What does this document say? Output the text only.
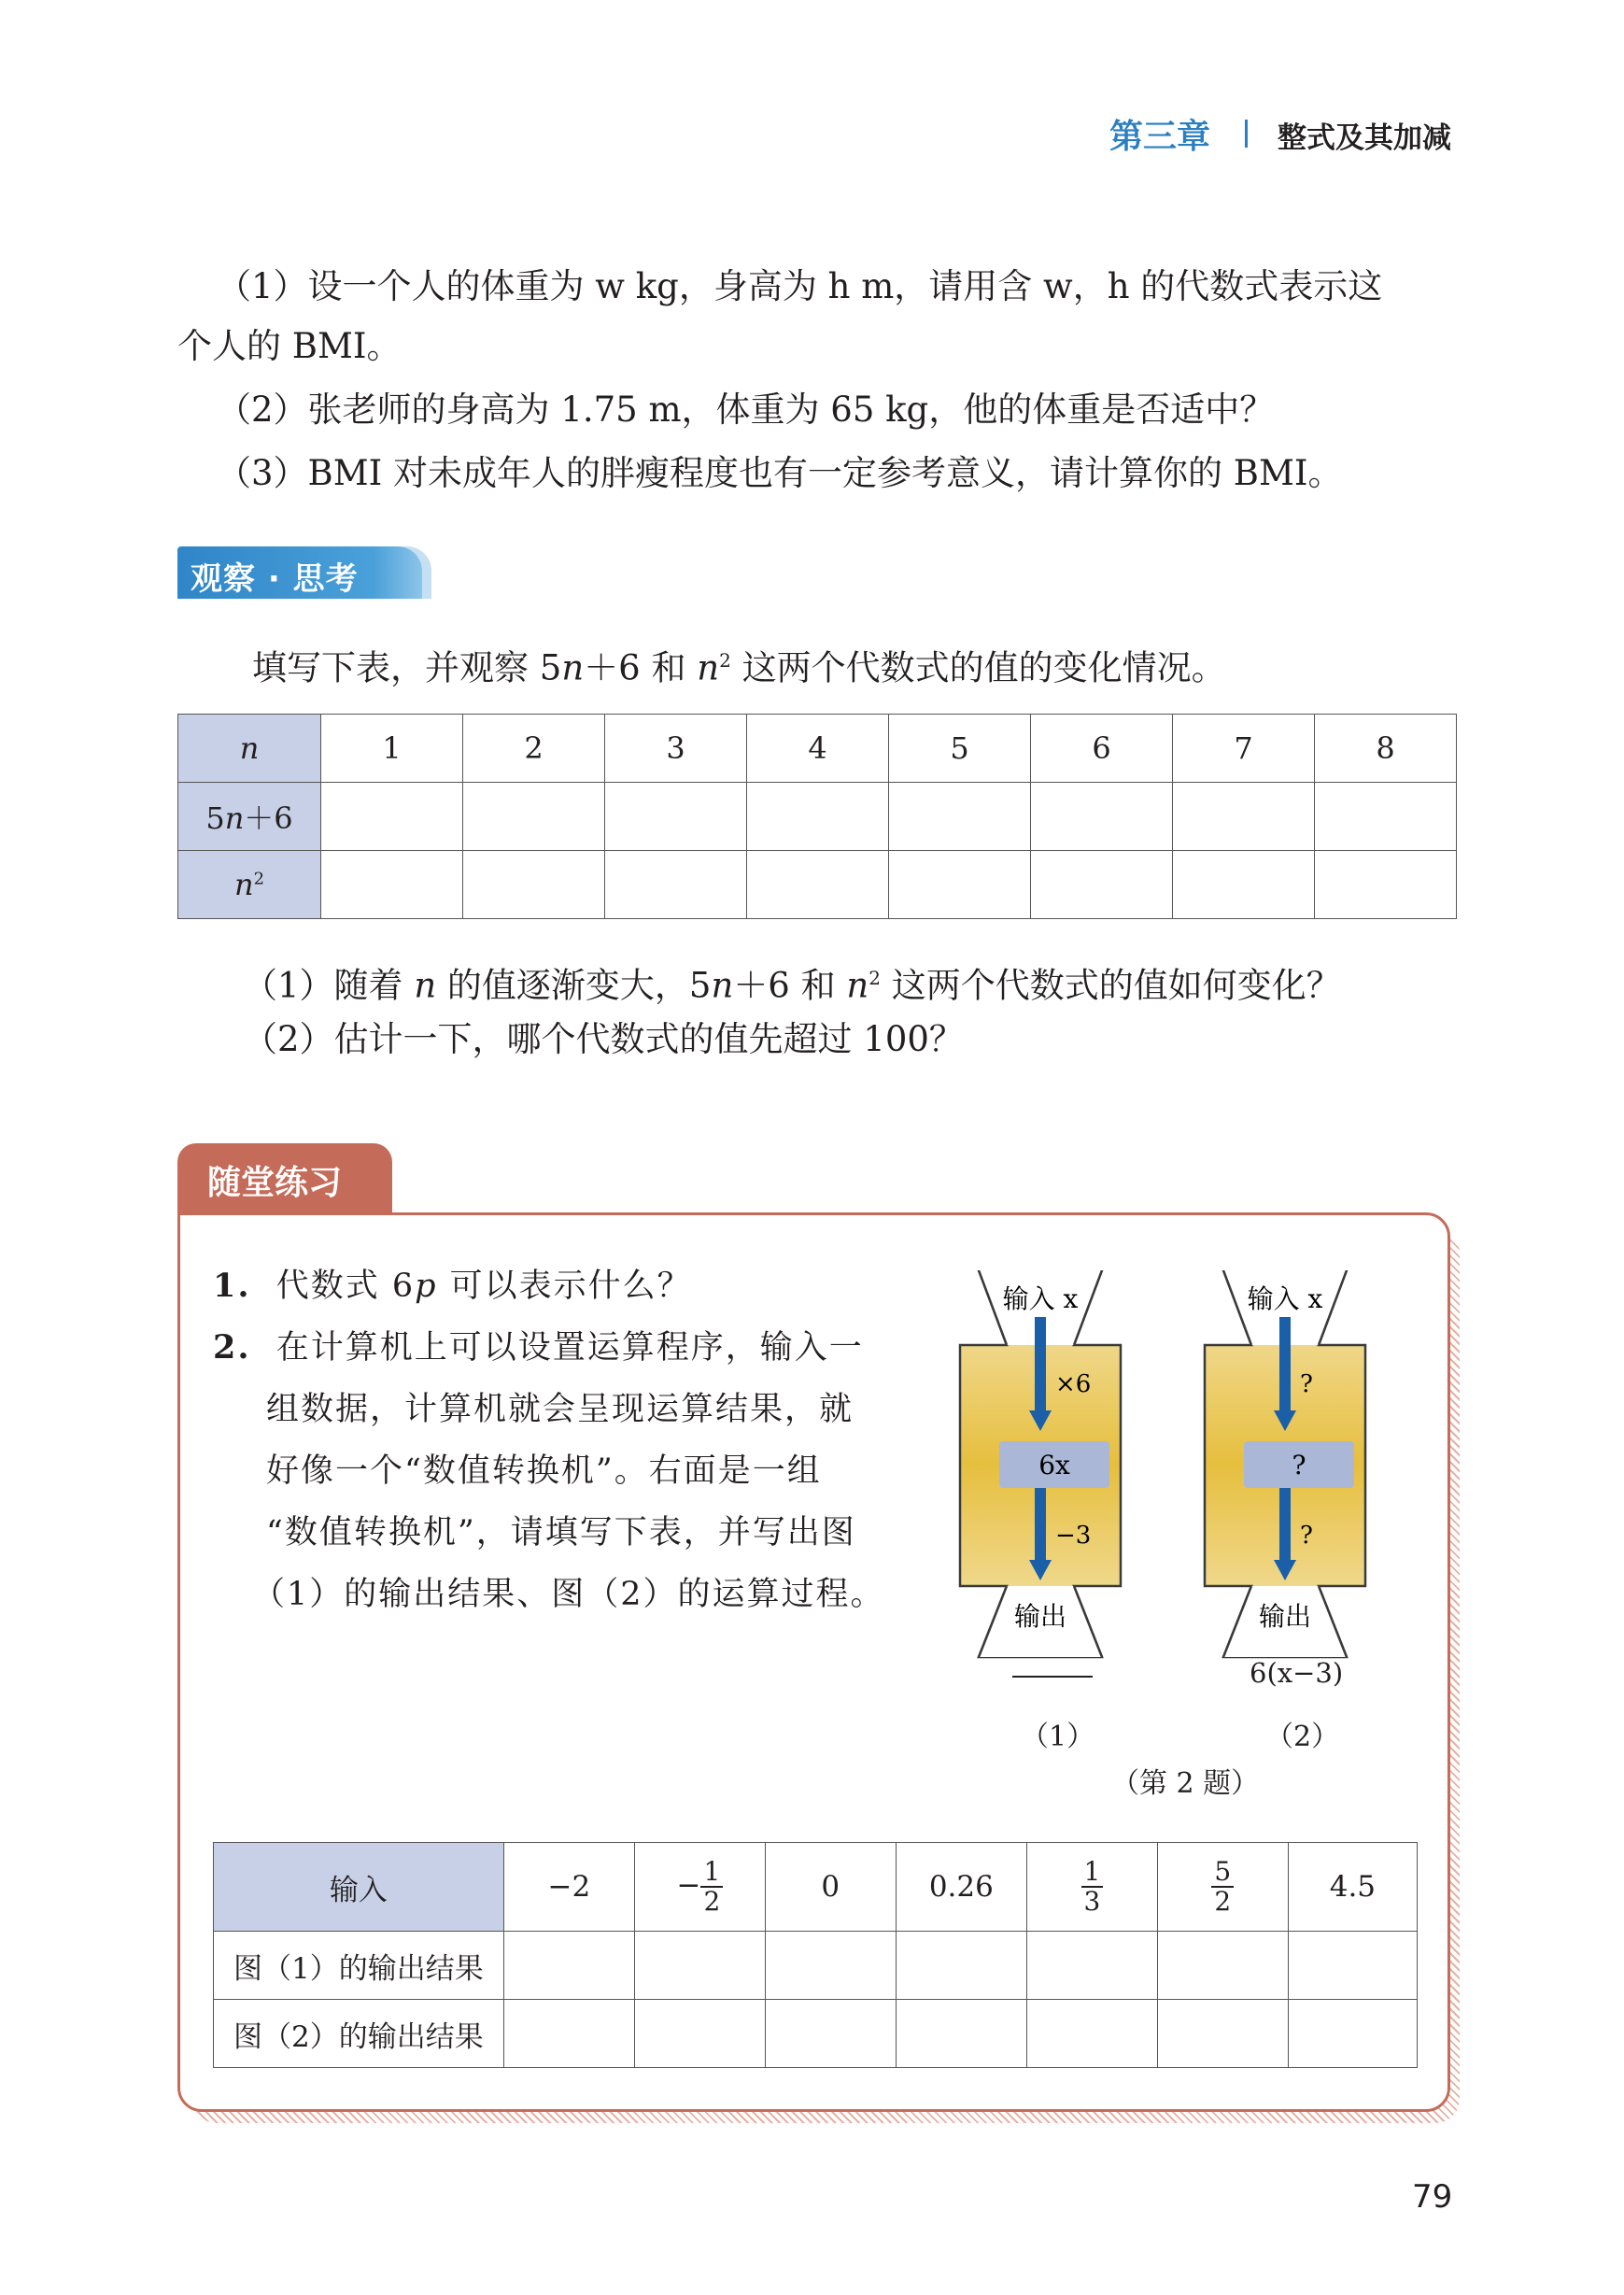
第三章 整式及其加减
（1）设一个人的体重为 w kg，身高为 h m，请用含 w，h 的代数式表示这
个人的 BMI。
（2）张老师的身高为 1.75 m，体重为 65 kg，他的体重是否适中？
（3）BMI 对未成年人的胖瘦程度也有一定参考意义，请计算你的 BMI。
观察 · 思考
填写下表，并观察 5n＋6 和 $n^2$ 这两个代数式的值的变化情况。
n	1	2	3	4	5	6	7	8
5n＋6								
$n^2$								
（1）随着 n 的值逐渐变大，5n＋6 和 $n^2$ 这两个代数式的值如何变化？
（2）估计一下，哪个代数式的值先超过 100？
随堂练习
1. 代数式 6p 可以表示什么？
2. 在计算机上可以设置运算程序，输入一
组数据，计算机就会呈现运算结果，就
好像一个“数值转换机”。右面是一组
“数值转换机”，请填写下表，并写出图
（1）的输出结果、图（2）的运算过程。
输入 x
×6
6x
−3
输出
输入 x
?
?
?
输出
6(x−3)
（1）	（2）
（第 2 题）
输入	−2	− $\frac{1}{2}$	0	0.26	$\frac{1}{3}$	$\frac{5}{2}$	4.5
图（1）的输出结果							
图（2）的输出结果							
79
